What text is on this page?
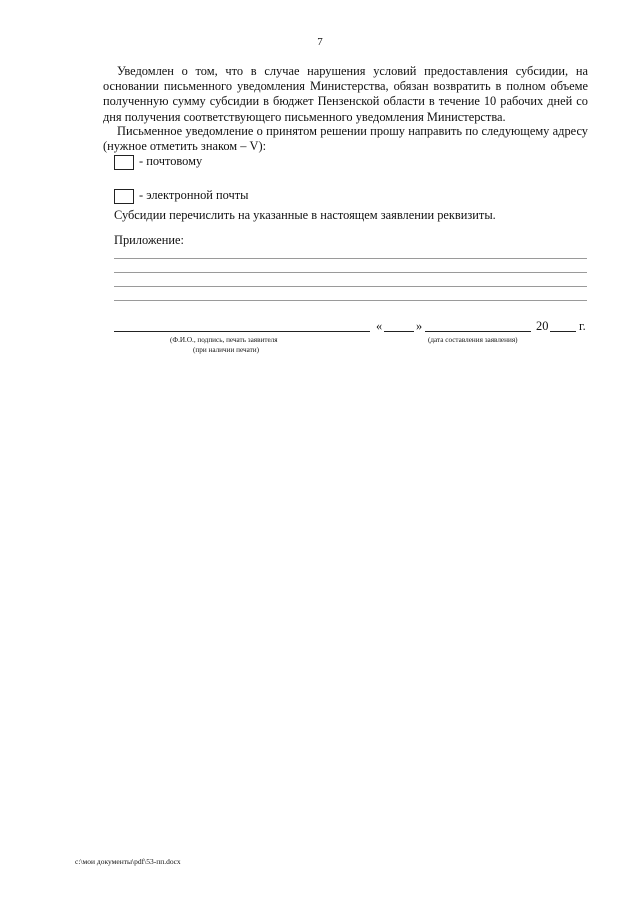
7
Уведомлен о том, что в случае нарушения условий предоставления субсидии, на основании письменного уведомления Министерства, обязан возвратить в полном объеме полученную сумму субсидии в бюджет Пензенской области в течение 10 рабочих дней со дня получения соответствующего письменного уведомления Министерства.
Письменное уведомление о принятом решении прошу направить по следующему адресу (нужное отметить знаком – V):
- почтовому
- электронной почты
Субсидии перечислить на указанные в настоящем заявлении реквизиты.
Приложение:
«	»	20 г.
(Ф.И.О., подпись, печать заявителя
(при наличии печати)
(дата составления заявления)
c:\мои документы\pdf\53-пп.docx
